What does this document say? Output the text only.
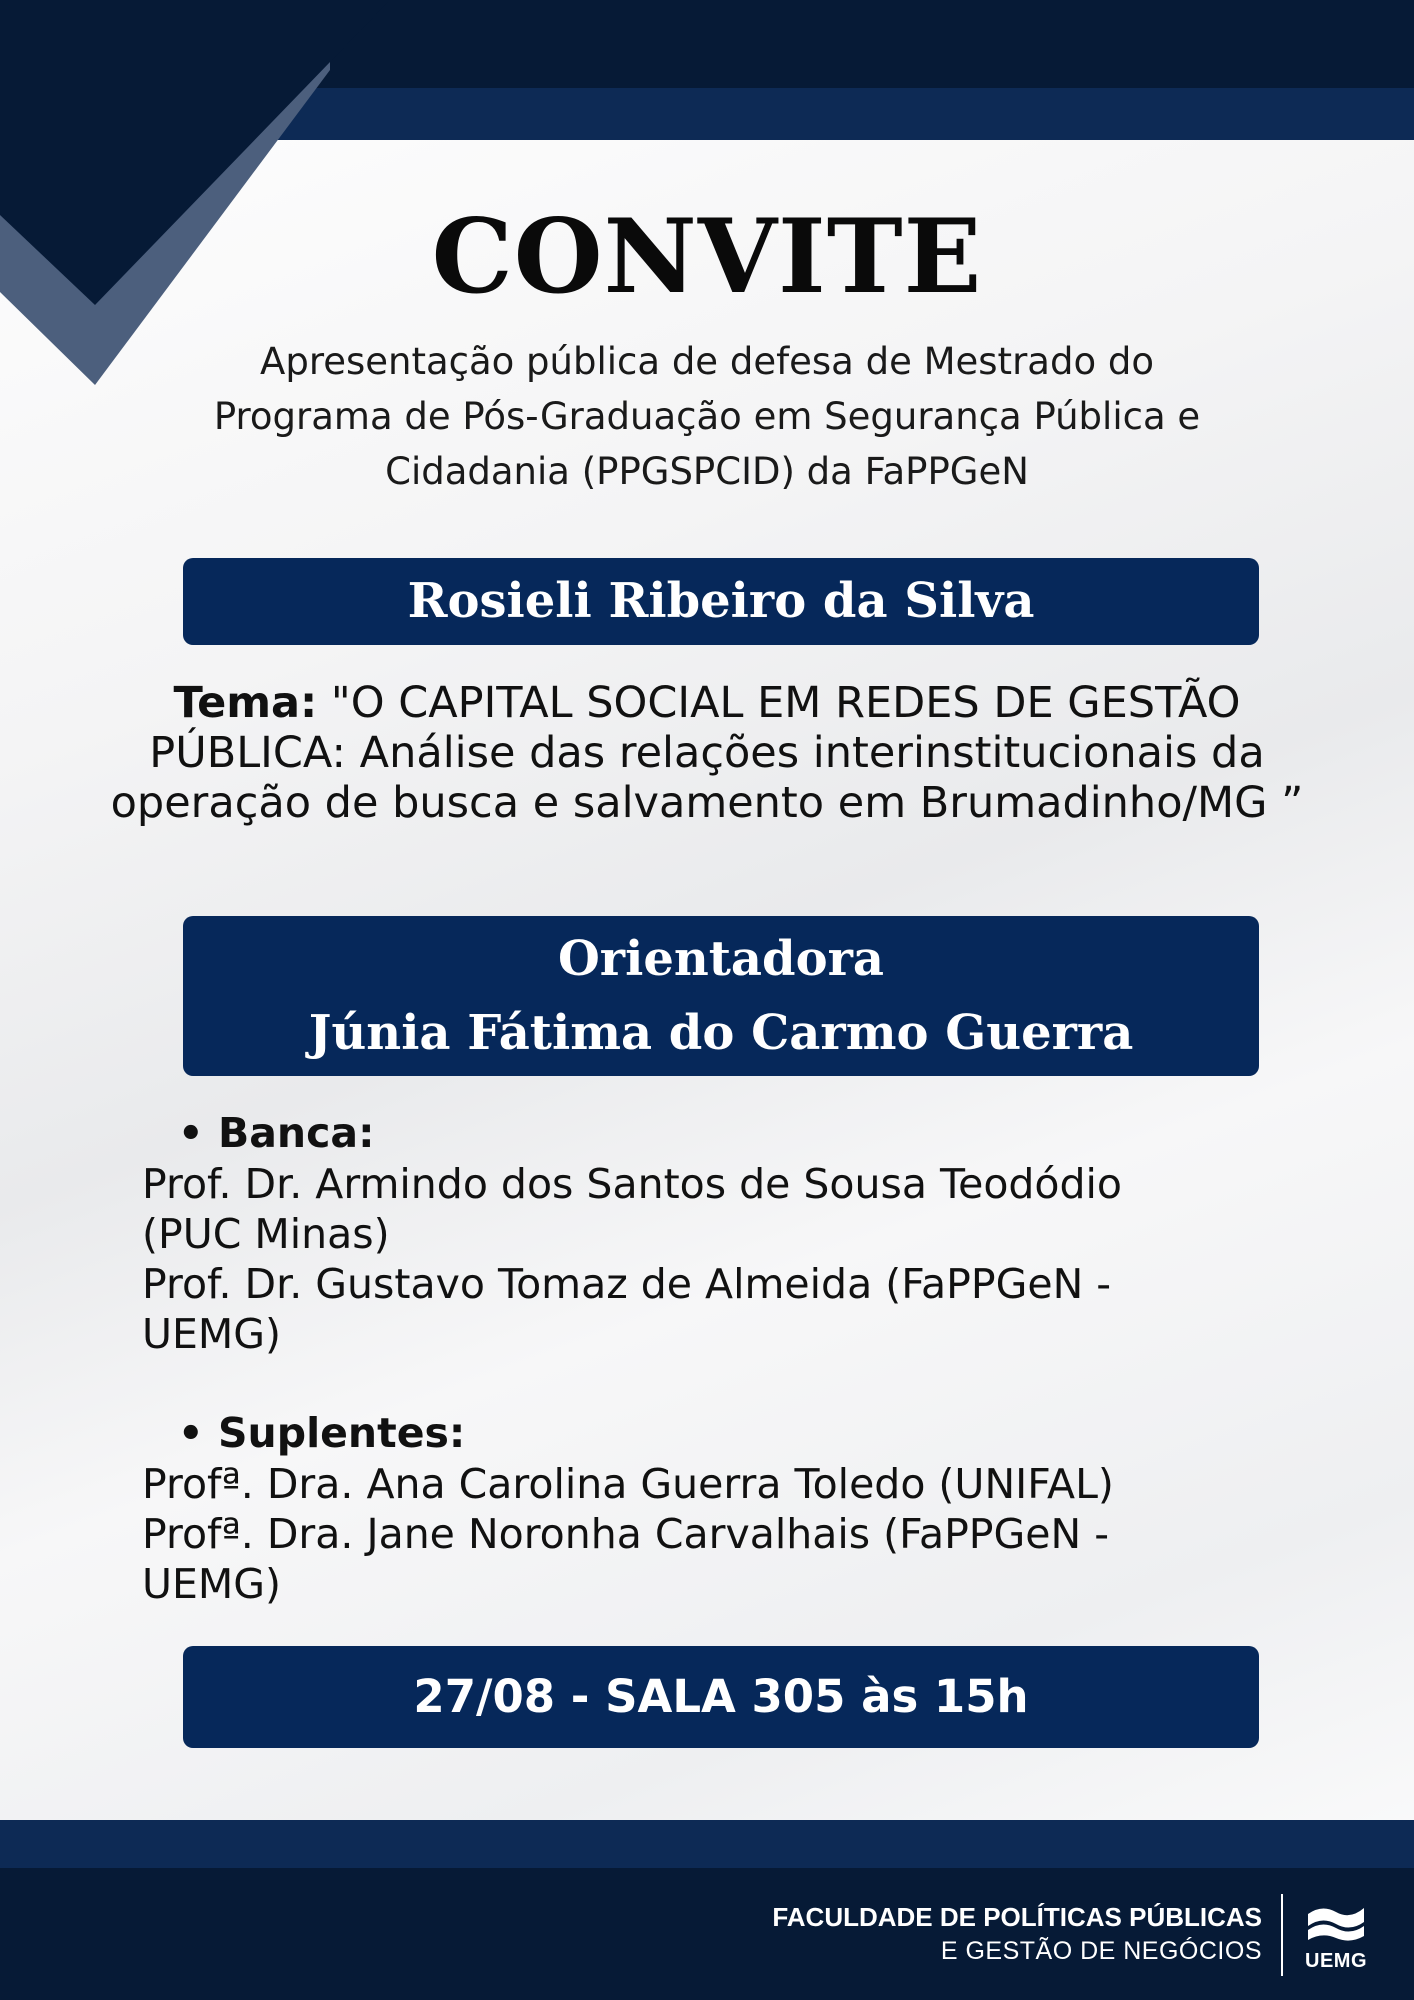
CONVITE
Apresentação pública de defesa de Mestrado do
Programa de Pós-Graduação em Segurança Pública e
Cidadania (PPGSPCID) da FaPPGeN
Rosieli Ribeiro da Silva
Tema: "O CAPITAL SOCIAL EM REDES DE GESTÃO PÚBLICA: Análise das relações interinstitucionais da operação de busca e salvamento em Brumadinho/MG ”
Orientadora
Júnia Fátima do Carmo Guerra
• Banca:
Prof. Dr. Armindo dos Santos de Sousa Teodódio
(PUC Minas)
Prof. Dr. Gustavo Tomaz de Almeida (FaPPGeN -
UEMG)
• Suplentes:
Profª. Dra. Ana Carolina Guerra Toledo (UNIFAL)
Profª. Dra. Jane Noronha Carvalhais (FaPPGeN -
UEMG)
27/08 - SALA 305 às 15h
FACULDADE DE POLÍTICAS PÚBLICAS
E GESTÃO DE NEGÓCIOS UEMG
